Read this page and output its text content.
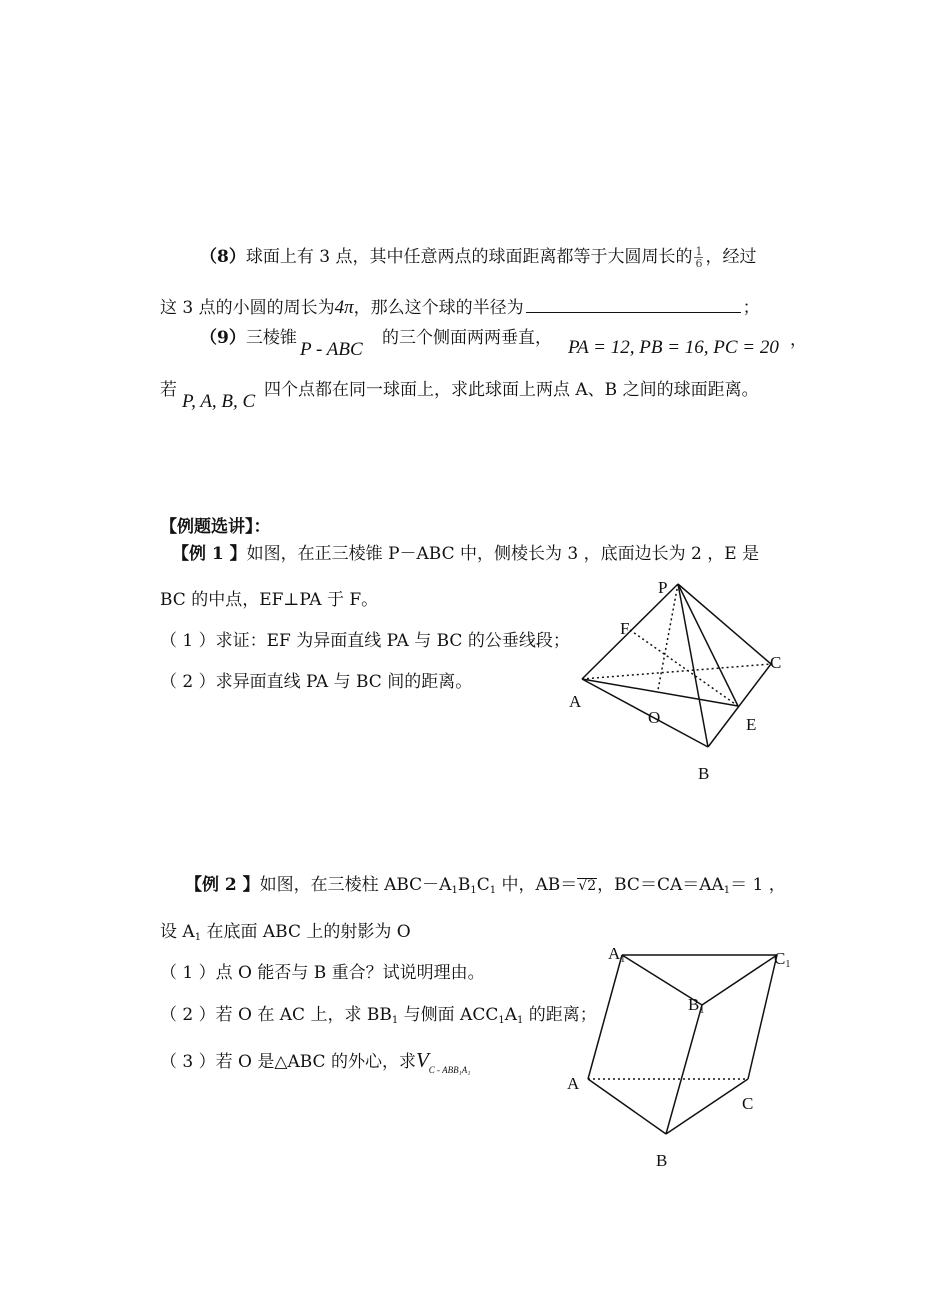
（8）球面上有 3 点，其中任意两点的球面距离都等于大圆周长的 $\frac{1}{6}$ ，经过
这 3 点的小圆的周长为4π，那么这个球的半径为	；
（9）三棱锥
P - ABC
的三个侧面两两垂直， PA = 12, PB = 16, PC = 20 ，
若
P, A, B, C
四个点都在同一球面上，求此球面上两点 A、B 之间的球面距离。
【例题选讲】：
【例 1 】如图，在正三棱锥 P－ABC 中，侧棱长为 3 ，底面边长为 2 ，E 是
BC 的中点，EF⊥PA 于 F。
（ 1 ）求证：EF 为异面直线 PA 与 BC 的公垂线段；
（ 2 ）求异面直线 PA 与 BC 间的距离。
P
F
C
A
O	E
B
【例 2 】如图，在三棱柱 ABC－A1B1C1 中，AB＝√2，BC＝CA＝AA1＝ 1 ，
设 A1 在底面 ABC 上的射影为 O
（ 1 ）点 O 能否与 B 重合？试说明理由。
（ 2 ）若 O 在 AC 上，求 BB1 与侧面 ACC1A1 的距离；
（ 3 ）若 O 是△ABC 的外心，求$V_{C - ABB_1A_1}$
A1	C1
B1
A
C
B
